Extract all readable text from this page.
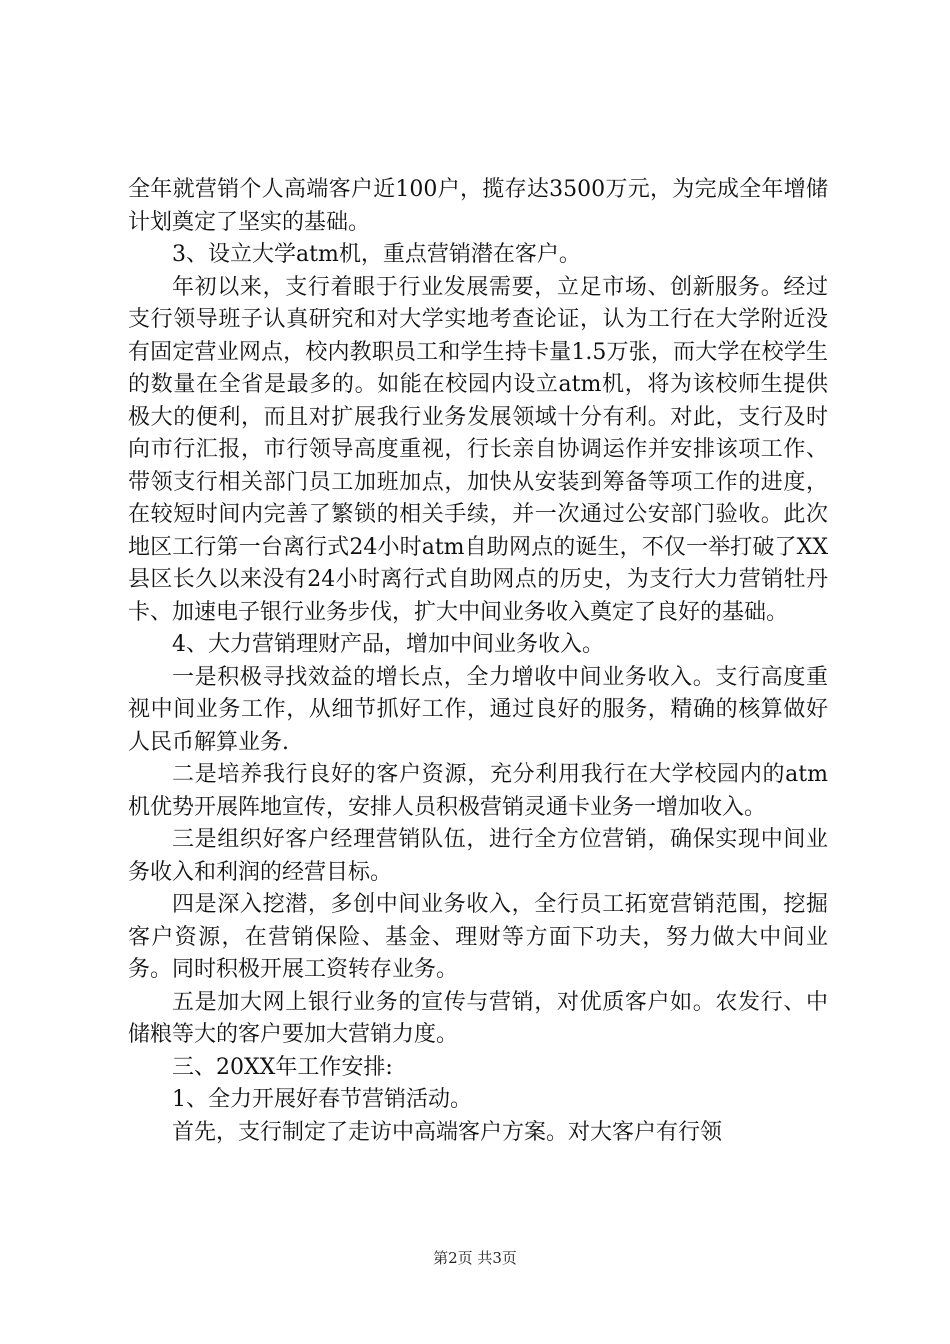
全年就营销个人高端客户近100户，揽存达3500万元，为完成全年增储计划奠定了坚实的基础。

3、设立大学atm机，重点营销潜在客户。

年初以来，支行着眼于行业发展需要，立足市场、创新服务。经过支行领导班子认真研究和对大学实地考查论证，认为工行在大学附近没有固定营业网点，校内教职员工和学生持卡量1.5万张，而大学在校学生的数量在全省是最多的。如能在校园内设立atm机，将为该校师生提供极大的便利，而且对扩展我行业务发展领域十分有利。对此，支行及时向市行汇报，市行领导高度重视，行长亲自协调运作并安排该项工作、带领支行相关部门员工加班加点，加快从安装到筹备等项工作的进度，在较短时间内完善了繁锁的相关手续，并一次通过公安部门验收。此次地区工行第一台离行式24小时atm自助网点的诞生，不仅一举打破了XX县区长久以来没有24小时离行式自助网点的历史，为支行大力营销牡丹卡、加速电子银行业务步伐，扩大中间业务收入奠定了良好的基础。

4、大力营销理财产品，增加中间业务收入。

一是积极寻找效益的增长点，全力增收中间业务收入。支行高度重视中间业务工作，从细节抓好工作，通过良好的服务，精确的核算做好人民币解算业务.

二是培养我行良好的客户资源，充分利用我行在大学校园内的atm机优势开展阵地宣传，安排人员积极营销灵通卡业务一增加收入。

三是组织好客户经理营销队伍，进行全方位营销，确保实现中间业务收入和利润的经营目标。

四是深入挖潜，多创中间业务收入，全行员工拓宽营销范围，挖掘客户资源，在营销保险、基金、理财等方面下功夫，努力做大中间业务。同时积极开展工资转存业务。

五是加大网上银行业务的宣传与营销，对优质客户如。农发行、中储粮等大的客户要加大营销力度。

三、20XX年工作安排:

1、全力开展好春节营销活动。

首先，支行制定了走访中高端客户方案。对大客户有行领

第2页 共3页
